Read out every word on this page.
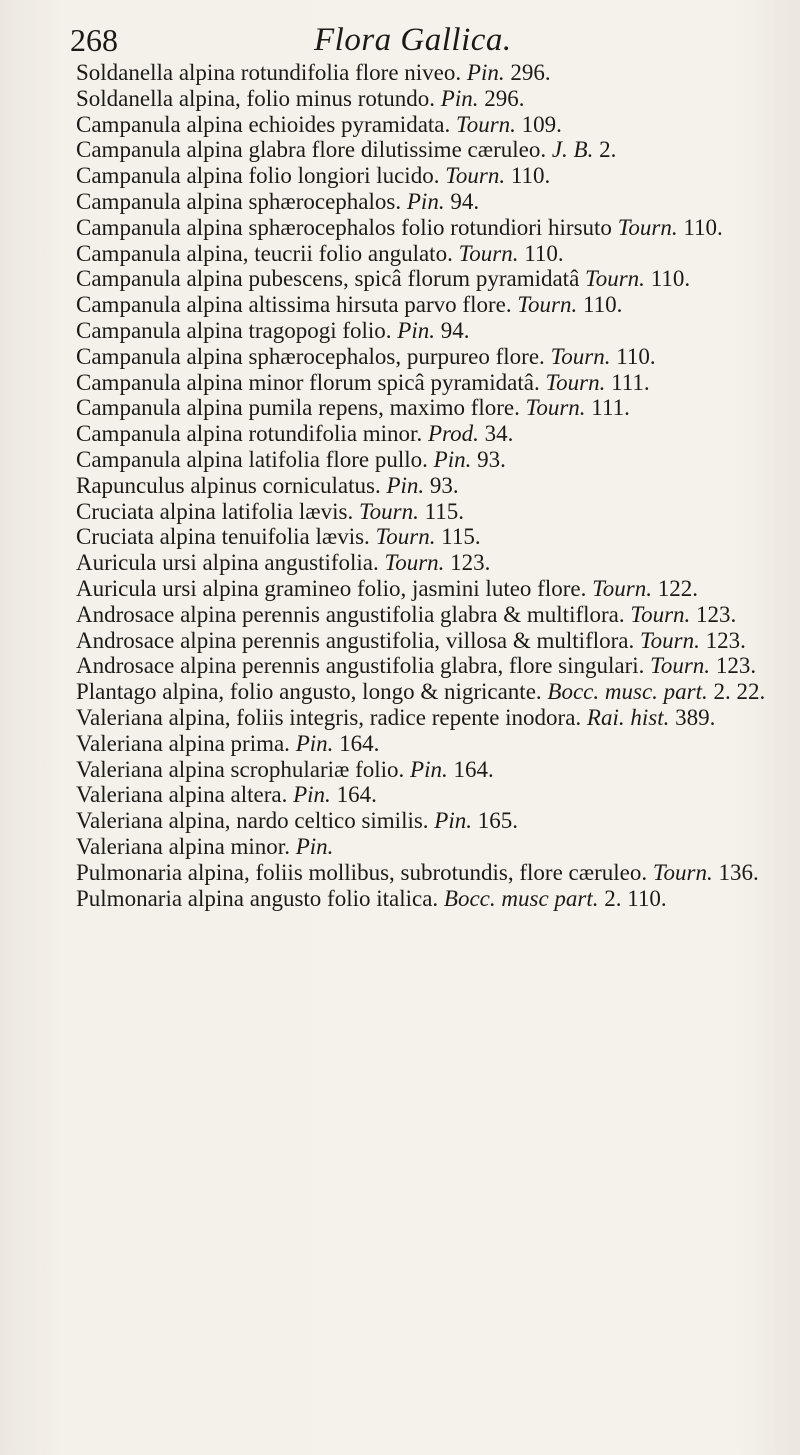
268	Flora Gallica.

Soldanella alpina rotundifolia flore niveo. Pin. 296.

Soldanella alpina, folio minus rotundo. Pin. 296.

Campanula alpina echioides pyramidata. Tourn. 109.

Campanula alpina glabra flore dilutissime cæruleo. J. B. 2.

Campanula alpina folio longiori lucido. Tourn. 110.

Campanula alpina sphærocephalos. Pin. 94.

Campanula alpina sphærocephalos folio rotundiori hirsuto Tourn. 110.

Campanula alpina, teucrii folio angulato. Tourn. 110.

Campanula alpina pubescens, spicâ florum pyramidatâ Tourn. 110.

Campanula alpina altissima hirsuta parvo flore. Tourn. 110.

Campanula alpina tragopogi folio. Pin. 94.

Campanula alpina sphærocephalos, purpureo flore. Tourn. 110.

Campanula alpina minor florum spicâ pyramidatâ. Tourn. 111.

Campanula alpina pumila repens, maximo flore. Tourn. 111.

Campanula alpina rotundifolia minor. Prod. 34.

Campanula alpina latifolia flore pullo. Pin. 93.

Rapunculus alpinus corniculatus. Pin. 93.

Cruciata alpina latifolia lævis. Tourn. 115.

Cruciata alpina tenuifolia lævis. Tourn. 115.

Auricula ursi alpina angustifolia. Tourn. 123.

Auricula ursi alpina gramineo folio, jasmini luteo flore. Tourn. 122.

Androsace alpina perennis angustifolia glabra & multiflora. Tourn. 123.

Androsace alpina perennis angustifolia, villosa & multiflora. Tourn. 123.

Androsace alpina perennis angustifolia glabra, flore singulari. Tourn. 123.

Plantago alpina, folio angusto, longo & nigricante. Bocc. musc. part. 2. 22.

Valeriana alpina, foliis integris, radice repente inodora. Rai. hist. 389.

Valeriana alpina prima. Pin. 164.

Valeriana alpina scrophulariæ folio. Pin. 164.

Valeriana alpina altera. Pin. 164.

Valeriana alpina, nardo celtico similis. Pin. 165.

Valeriana alpina minor. Pin.

Pulmonaria alpina, foliis mollibus, subrotundis, flore cæruleo. Tourn. 136.

Pulmonaria alpina angusto folio italica. Bocc. musc part. 2. 110.
